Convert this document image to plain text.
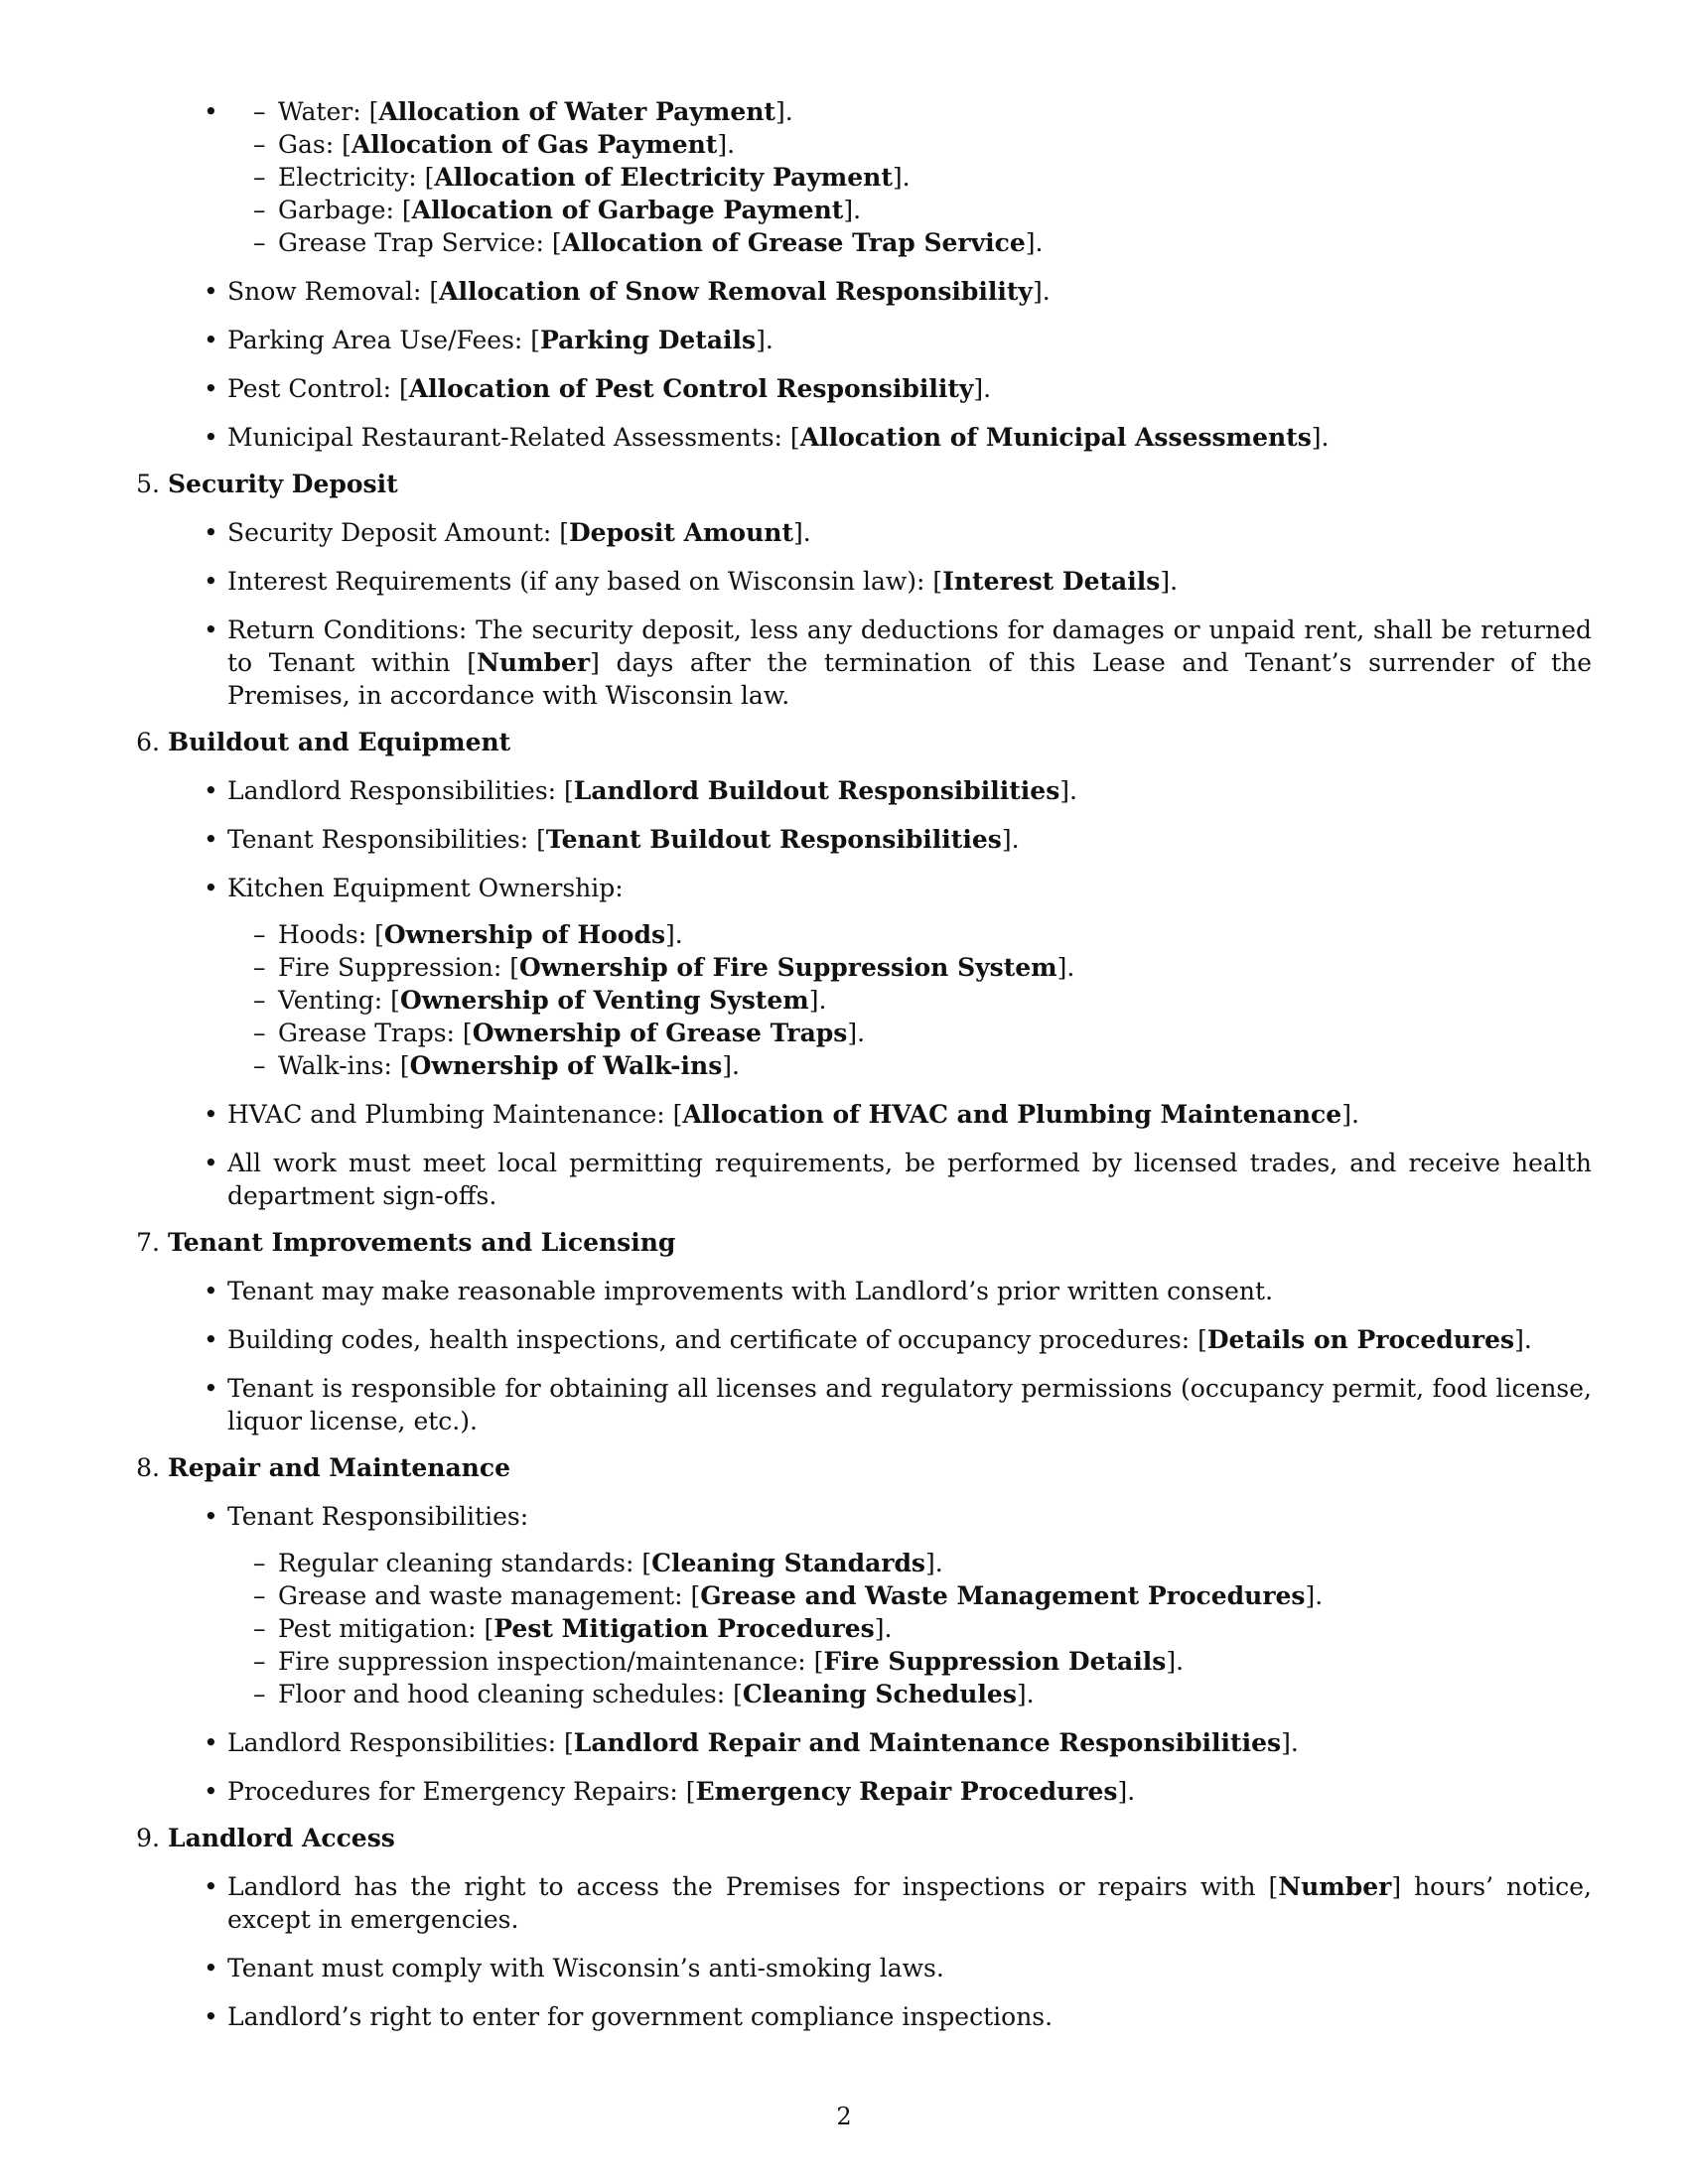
– • Water: [Allocation of Water Payment].
– Gas: [Allocation of Gas Payment].
– Electricity: [Allocation of Electricity Payment].
– Garbage: [Allocation of Garbage Payment].
– Grease Trap Service: [Allocation of Grease Trap Service].
• Snow Removal: [Allocation of Snow Removal Responsibility].
• Parking Area Use/Fees: [Parking Details].
• Pest Control: [Allocation of Pest Control Responsibility].
• Municipal Restaurant-Related Assessments: [Allocation of Municipal Assessments].
5. Security Deposit
• Security Deposit Amount: [Deposit Amount].
• Interest Requirements (if any based on Wisconsin law): [Interest Details].
• Return Conditions: The security deposit, less any deductions for damages or unpaid rent, shall be returned to Tenant within [Number] days after the termination of this Lease and Tenant’s surrender of the Premises, in accordance with Wisconsin law.
6. Buildout and Equipment
• Landlord Responsibilities: [Landlord Buildout Responsibilities].
• Tenant Responsibilities: [Tenant Buildout Responsibilities].
• Kitchen Equipment Ownership:
– Hoods: [Ownership of Hoods].
– Fire Suppression: [Ownership of Fire Suppression System].
– Venting: [Ownership of Venting System].
– Grease Traps: [Ownership of Grease Traps].
– Walk-ins: [Ownership of Walk-ins].
• HVAC and Plumbing Maintenance: [Allocation of HVAC and Plumbing Maintenance].
• All work must meet local permitting requirements, be performed by licensed trades, and receive health department sign-offs.
7. Tenant Improvements and Licensing
• Tenant may make reasonable improvements with Landlord’s prior written consent.
• Building codes, health inspections, and certificate of occupancy procedures: [Details on Procedures].
• Tenant is responsible for obtaining all licenses and regulatory permissions (occupancy permit, food license, liquor license, etc.).
8. Repair and Maintenance
• Tenant Responsibilities:
– Regular cleaning standards: [Cleaning Standards].
– Grease and waste management: [Grease and Waste Management Procedures].
– Pest mitigation: [Pest Mitigation Procedures].
– Fire suppression inspection/maintenance: [Fire Suppression Details].
– Floor and hood cleaning schedules: [Cleaning Schedules].
• Landlord Responsibilities: [Landlord Repair and Maintenance Responsibilities].
• Procedures for Emergency Repairs: [Emergency Repair Procedures].
9. Landlord Access
• Landlord has the right to access the Premises for inspections or repairs with [Number] hours’ notice, except in emergencies.
• Tenant must comply with Wisconsin’s anti-smoking laws.
• Landlord’s right to enter for government compliance inspections.
2
